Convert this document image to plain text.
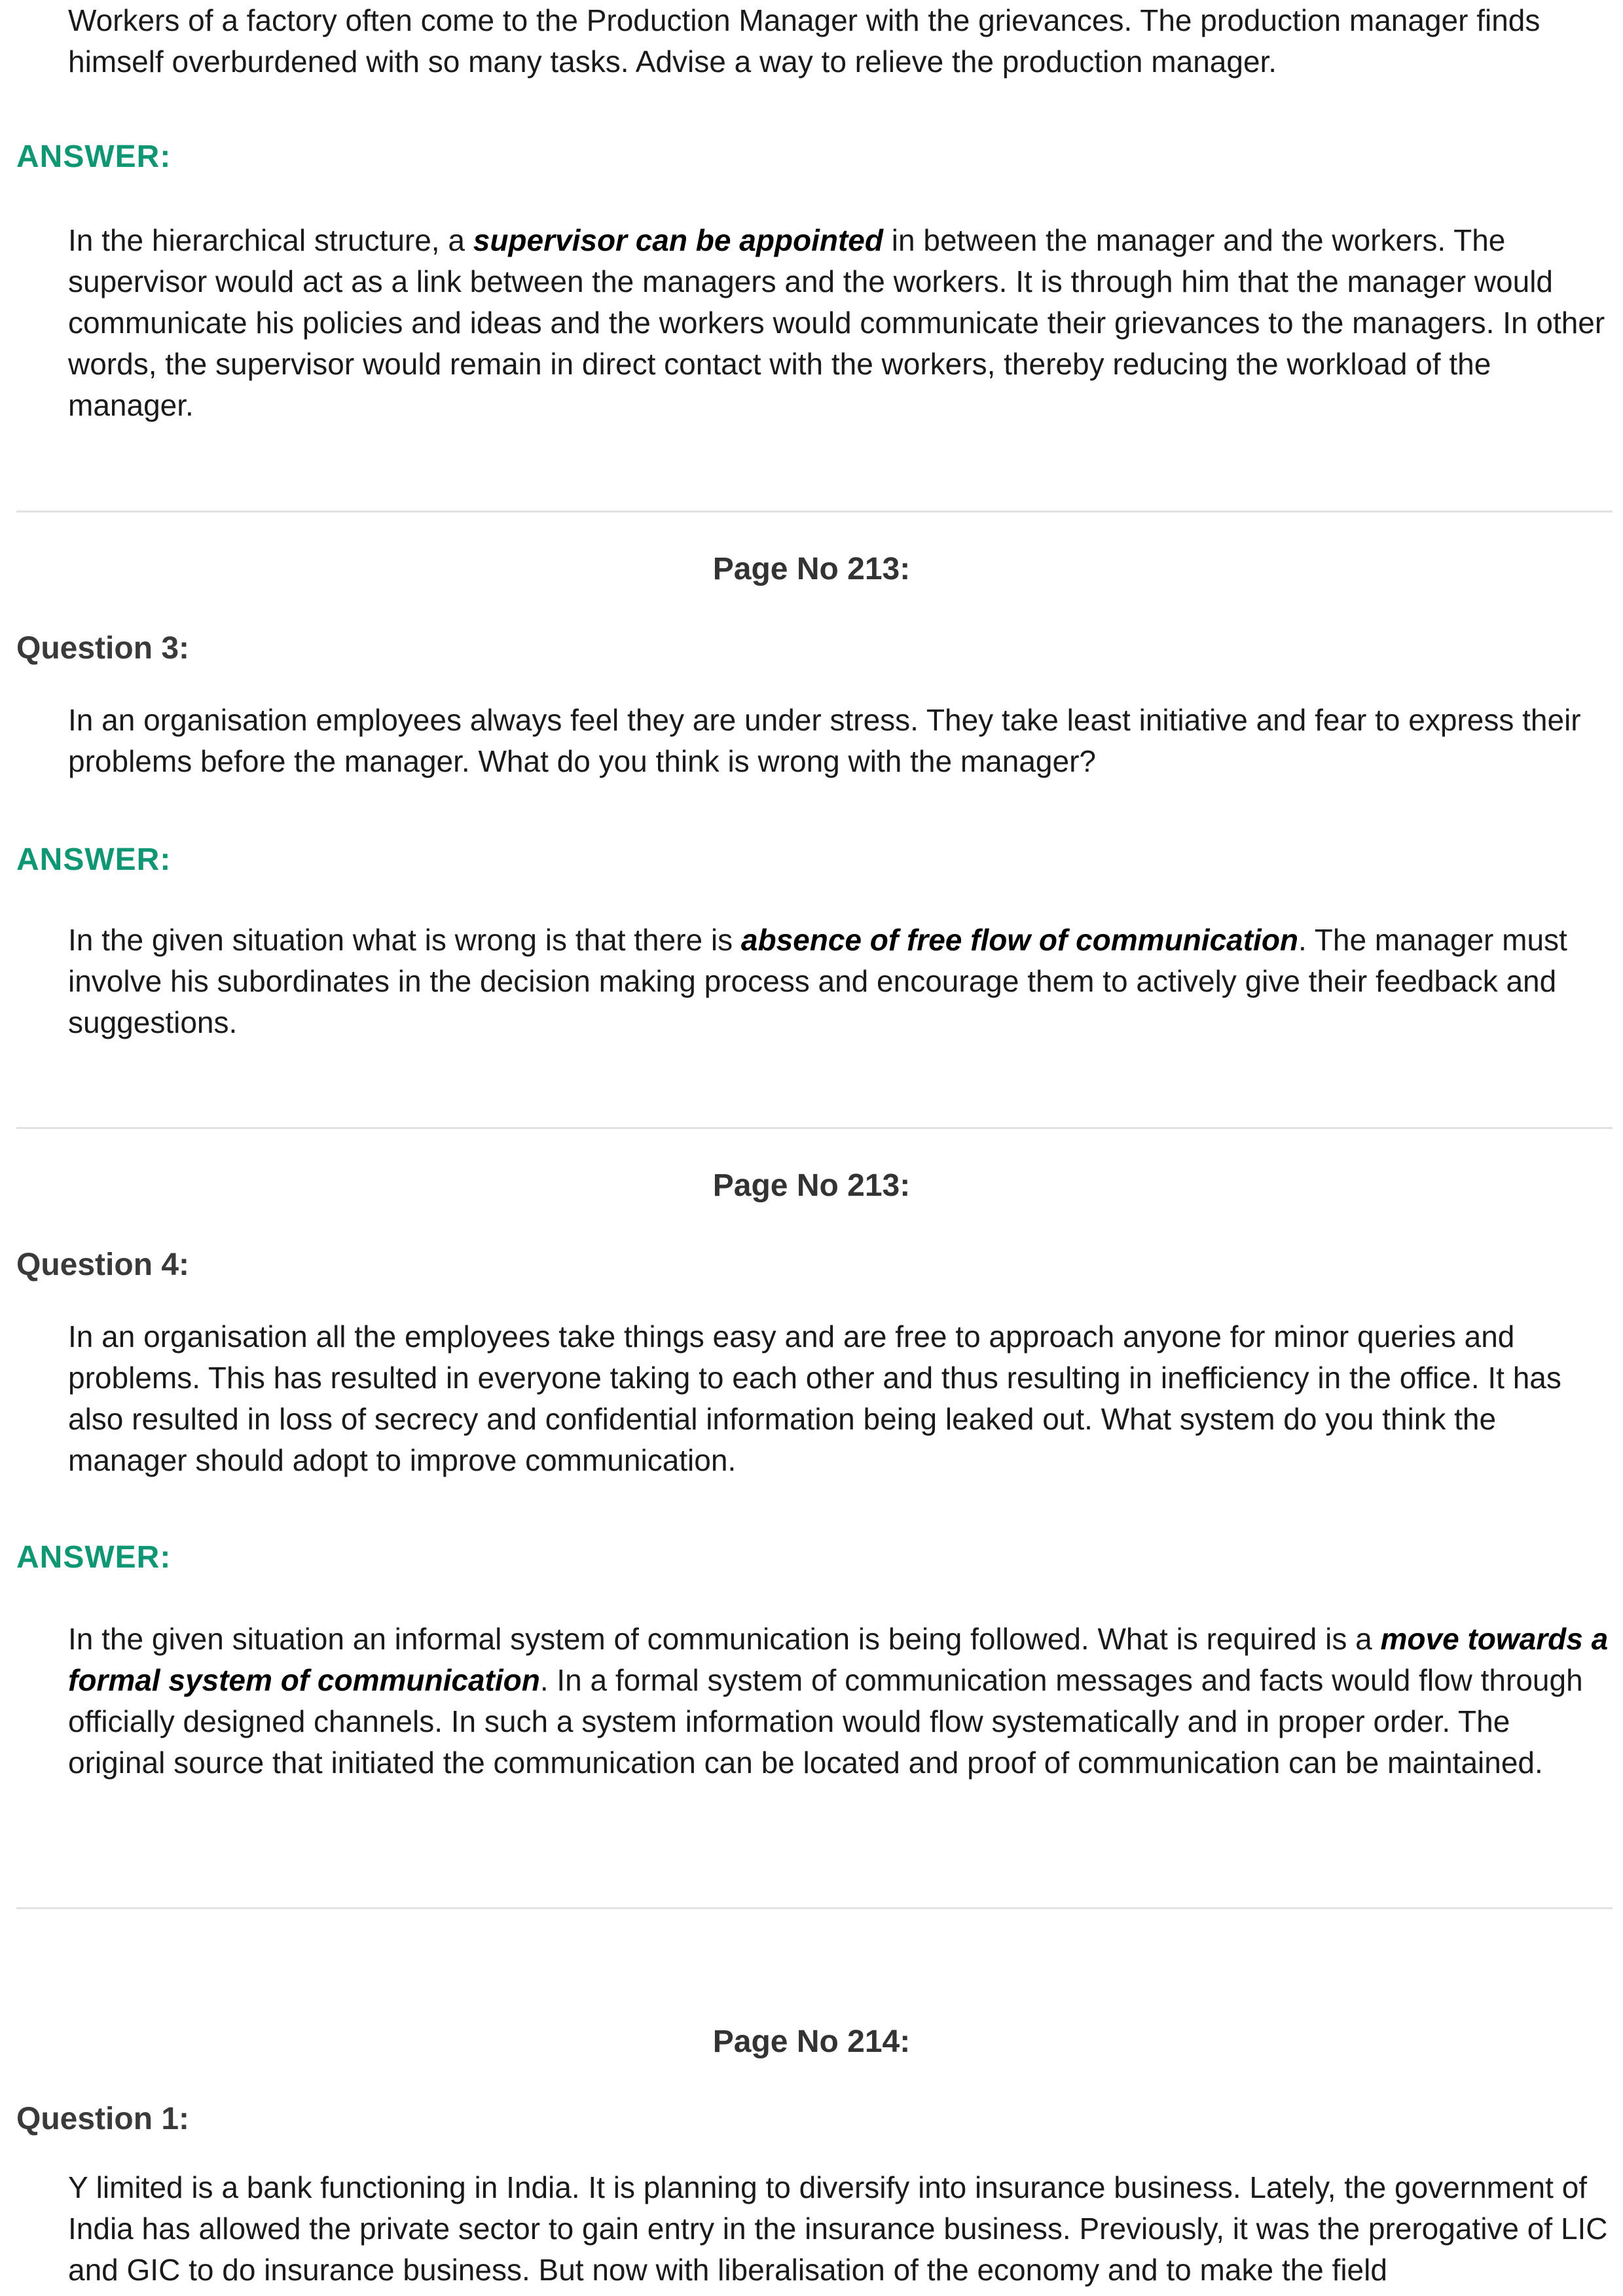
Workers of a factory often come to the Production Manager with the grievances. The production manager finds himself overburdened with so many tasks. Advise a way to relieve the production manager.
ANSWER:
In the hierarchical structure, a supervisor can be appointed in between the manager and the workers. The supervisor would act as a link between the managers and the workers. It is through him that the manager would communicate his policies and ideas and the workers would communicate their grievances to the managers. In other words, the supervisor would remain in direct contact with the workers, thereby reducing the workload of the manager.
Page No 213:
Question 3:
In an organisation employees always feel they are under stress. They take least initiative and fear to express their problems before the manager. What do you think is wrong with the manager?
ANSWER:
In the given situation what is wrong is that there is absence of free flow of communication. The manager must involve his subordinates in the decision making process and encourage them to actively give their feedback and suggestions.
Page No 213:
Question 4:
In an organisation all the employees take things easy and are free to approach anyone for minor queries and problems. This has resulted in everyone taking to each other and thus resulting in inefficiency in the office. It has also resulted in loss of secrecy and confidential information being leaked out. What system do you think the manager should adopt to improve communication.
ANSWER:
In the given situation an informal system of communication is being followed. What is required is a move towards a formal system of communication. In a formal system of communication messages and facts would flow through officially designed channels. In such a system information would flow systematically and in proper order. The original source that initiated the communication can be located and proof of communication can be maintained.
Page No 214:
Question 1:
Y limited is a bank functioning in India. It is planning to diversify into insurance business. Lately, the government of India has allowed the private sector to gain entry in the insurance business. Previously, it was the prerogative of LIC and GIC to do insurance business. But now with liberalisation of the economy and to make the field
